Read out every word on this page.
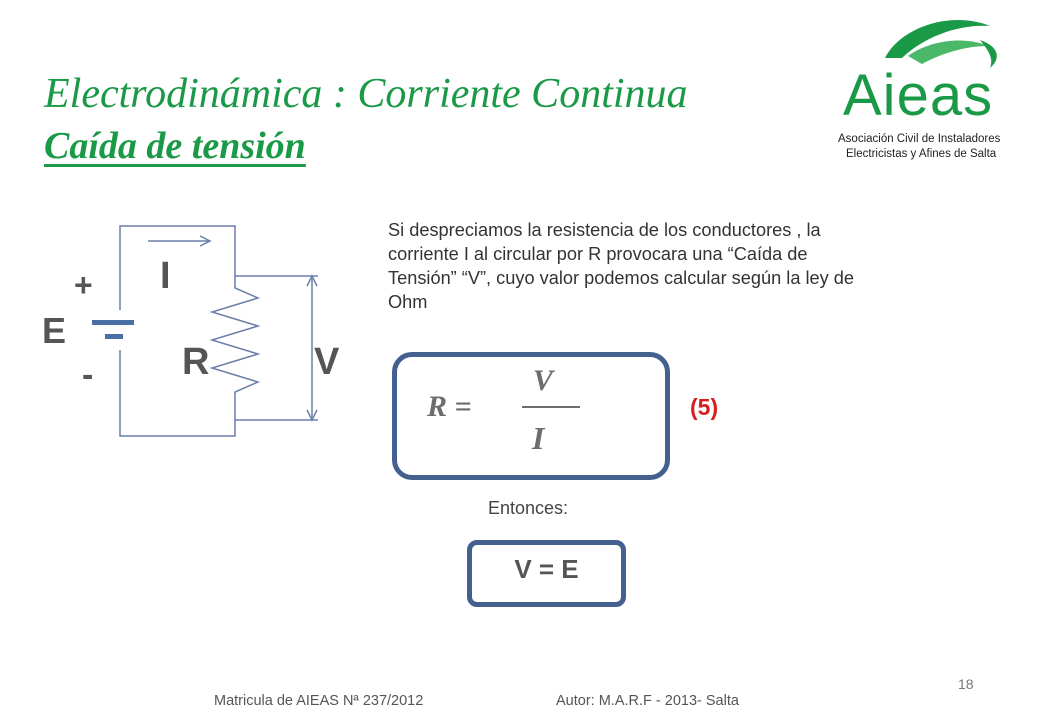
Electrodinámica : Corriente Continua
Caída de tensión
Aieas
Asociación Civil de Instaladores
Electricistas y Afines de Salta
+
-
E
I
R	V
Si despreciamos la resistencia de los conductores , la corriente I al circular por R provocara una “Caída de Tensión” “V”, cuyo valor podemos calcular según la ley de Ohm
R =
V
I
(5)
Entonces:
V = E
Matricula de AIEAS Nª 237/2012	Autor: M.A.R.F - 2013- Salta
18
